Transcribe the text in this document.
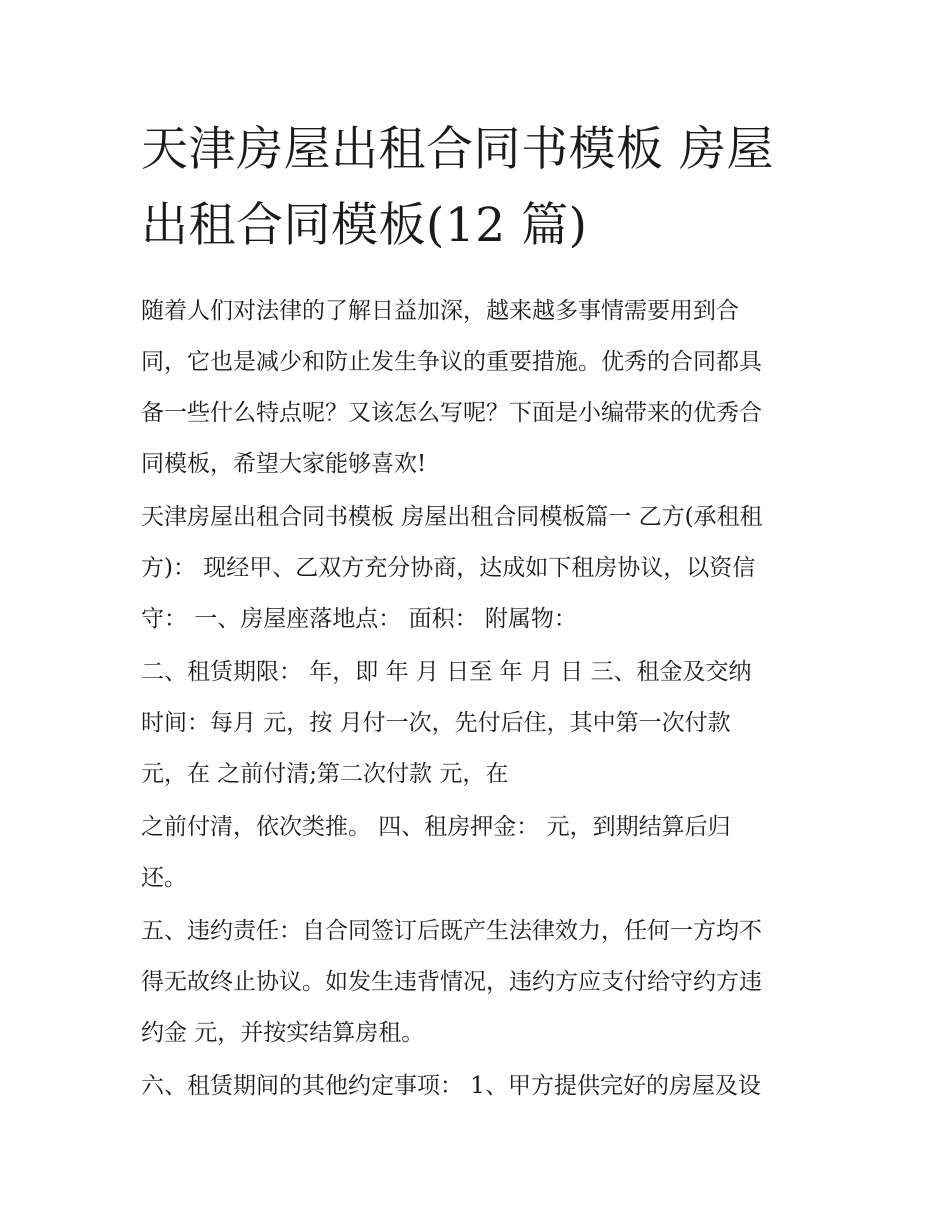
天津房屋出租合同书模板 房屋
出租合同模板(12 篇)

随着人们对法律的了解日益加深，越来越多事情需要用到合
同，它也是减少和防止发生争议的重要措施。优秀的合同都具
备一些什么特点呢？又该怎么写呢？下面是小编带来的优秀合
同模板，希望大家能够喜欢!

天津房屋出租合同书模板 房屋出租合同模板篇一 乙方(承租租
方)： 现经甲、乙双方充分协商，达成如下租房协议，以资信
守： 一、房屋座落地点： 面积： 附属物：

二、租赁期限： 年，即 年 月 日至 年 月 日 三、租金及交纳
时间：每月 元，按 月付一次，先付后住，其中第一次付款
元，在 之前付清;第二次付款 元，在

之前付清，依次类推。 四、租房押金： 元，到期结算后归
还。

五、违约责任：自合同签订后既产生法律效力，任何一方均不
得无故终止协议。如发生违背情况，违约方应支付给守约方违
约金 元，并按实结算房租。

六、租赁期间的其他约定事项： 1、甲方提供完好的房屋及设
